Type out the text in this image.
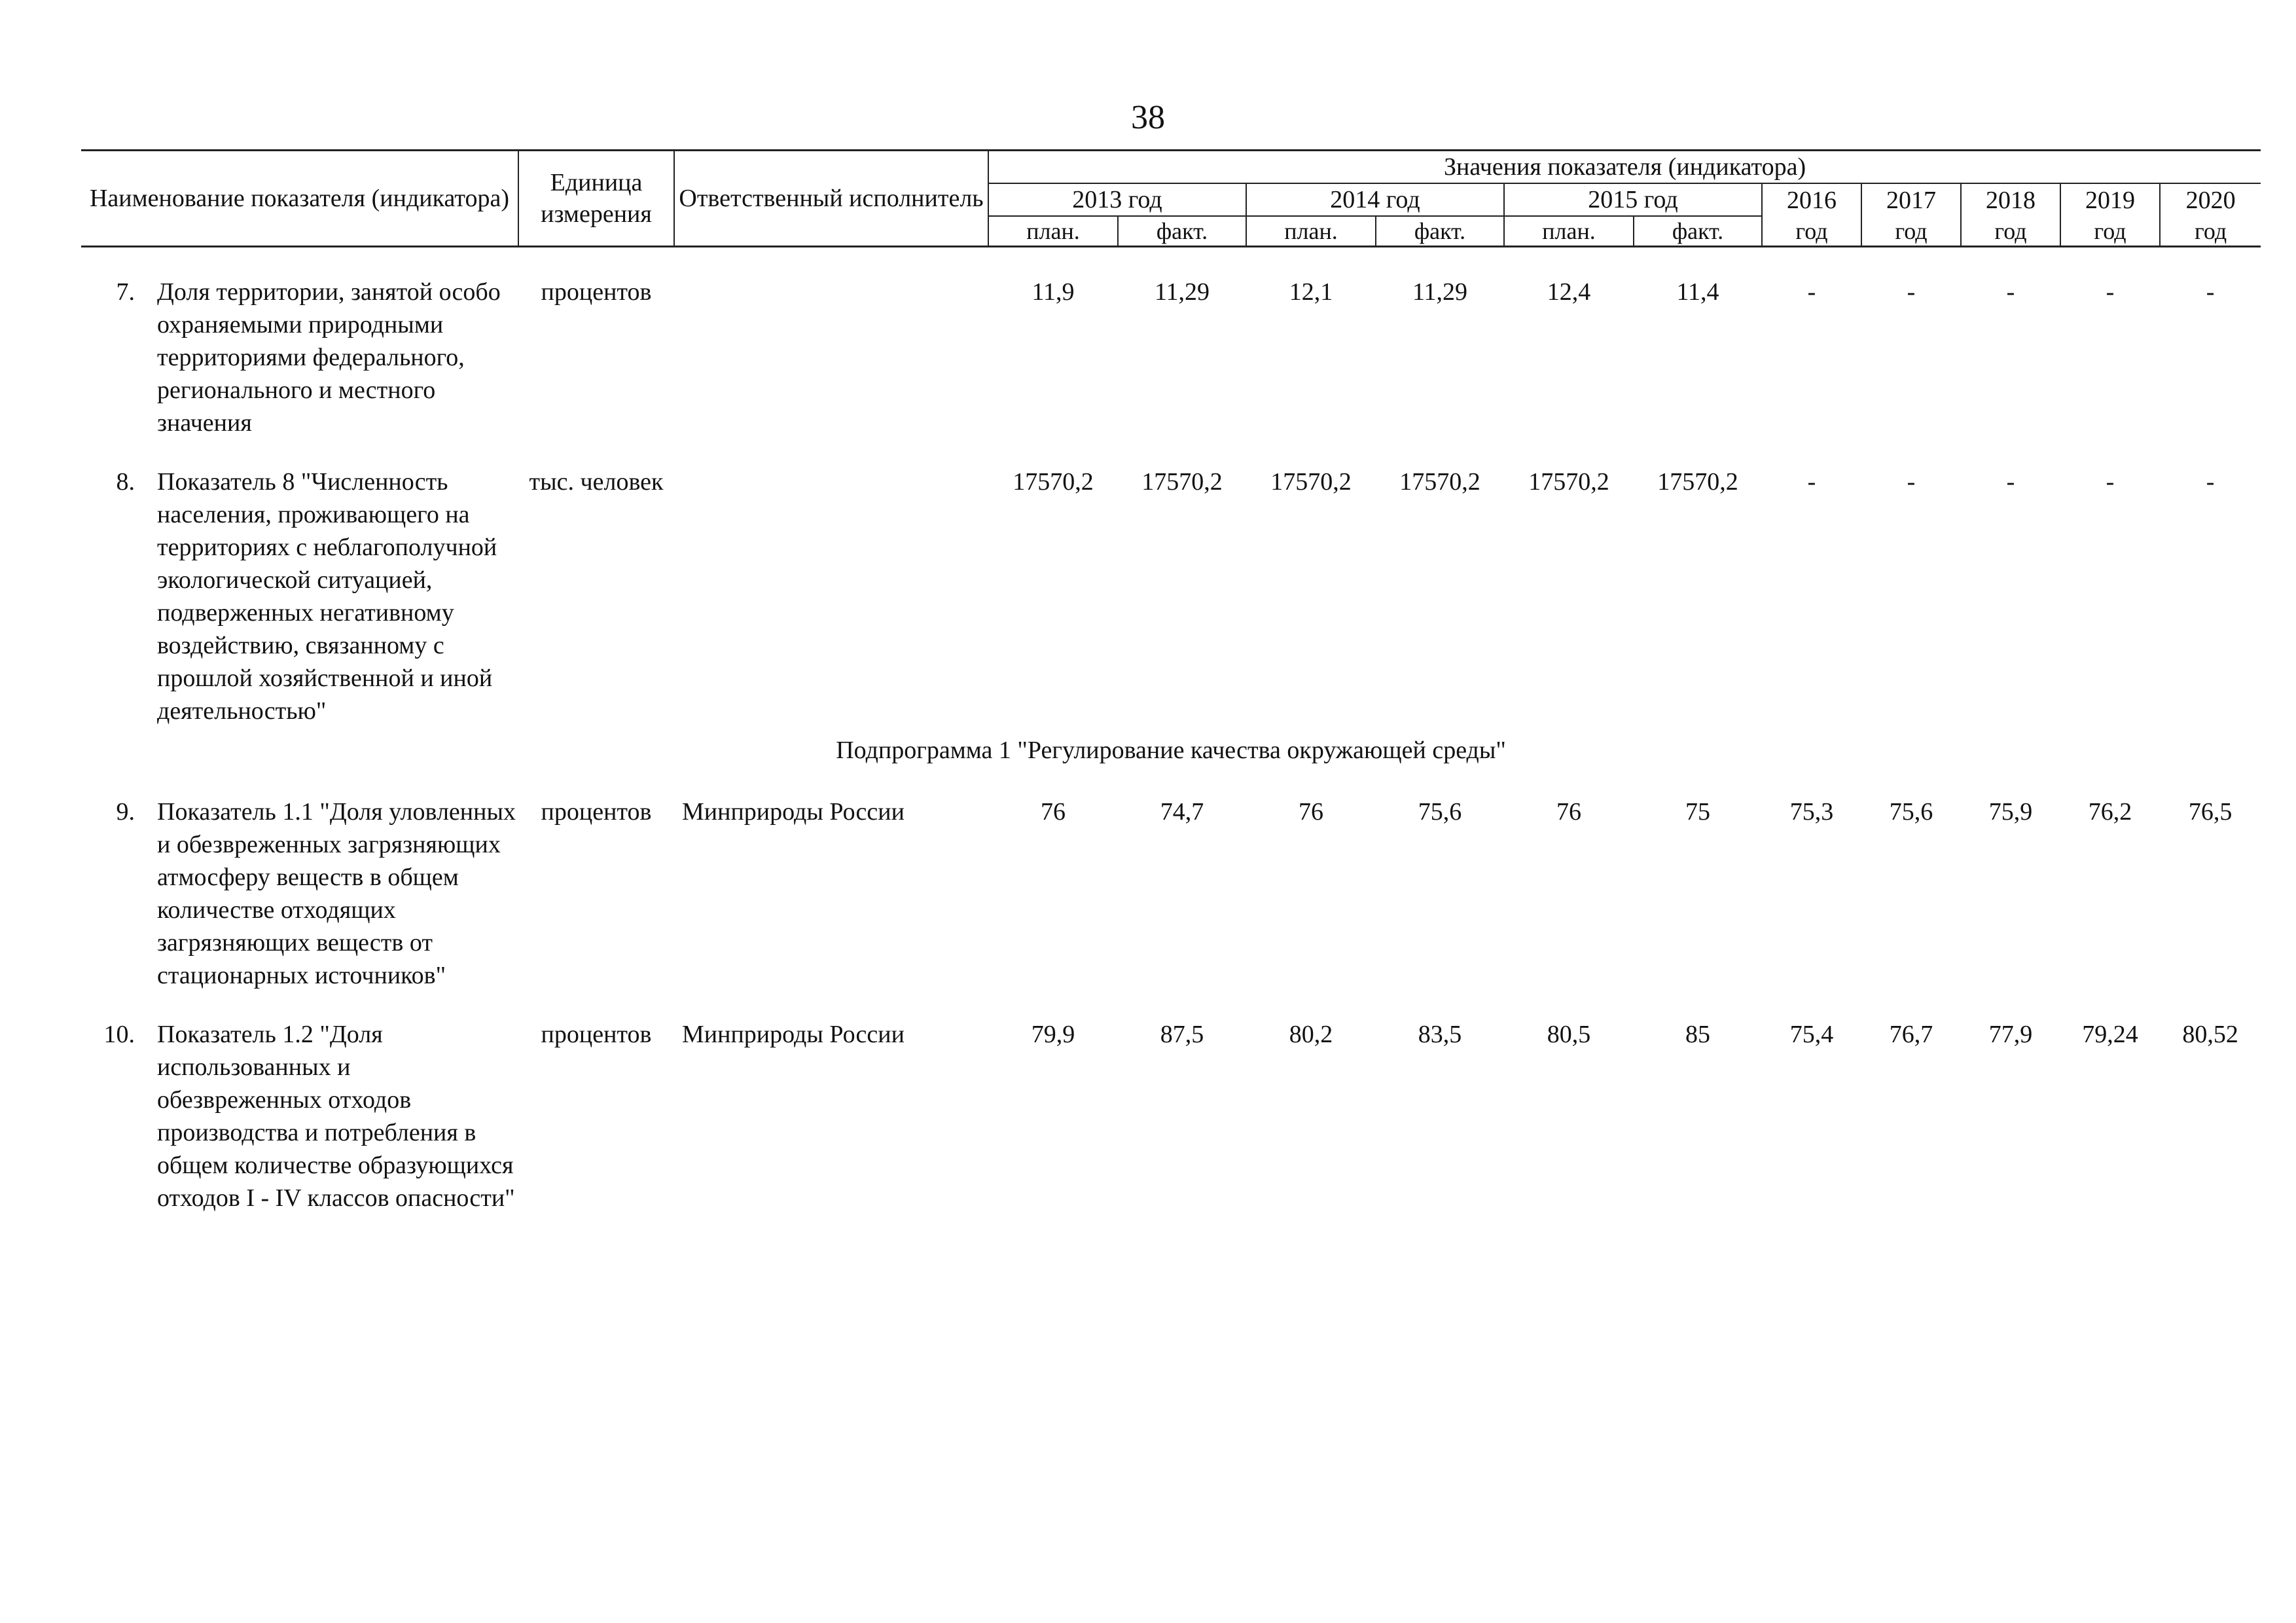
38
Наименование показателя (индикатора)		Единица измерения	Ответственный исполнитель	Значения показателя (индикатора)										
				2013 год		2014 год		2015 год		2016	2017	2018	2019	2020
				план.	факт.	план.	факт.	план.	факт.	год	год	год	год	год

7.	Доля территории, занятой особо охраняемыми природными территориями федерального, регионального и местного значения	процентов		11,9	11,29	12,1	11,29	12,4	11,4	-	-	-	-	-

8.	Показатель 8 "Численность населения, проживающего на территориях с неблагополучной экологической ситуацией, подверженных негативному воздействию, связанному с прошлой хозяйственной и иной деятельностью"	тыс. человек		17570,2	17570,2	17570,2	17570,2	17570,2	17570,2	-	-	-	-	-
Подпрограмма 1 "Регулирование качества окружающей среды"														
9.	Показатель 1.1 "Доля уловленных и обезвреженных загрязняющих атмосферу веществ в общем количестве отходящих загрязняющих веществ от стационарных источников"	процентов	Минприроды России	76	74,7	76	75,6	76	75	75,3	75,6	75,9	76,2	76,5

10.	Показатель 1.2 "Доля использованных и обезвреженных отходов производства и потребления в общем количестве образующихся отходов I - IV классов опасности"	процентов	Минприроды России	79,9	87,5	80,2	83,5	80,5	85	75,4	76,7	77,9	79,24	80,52
